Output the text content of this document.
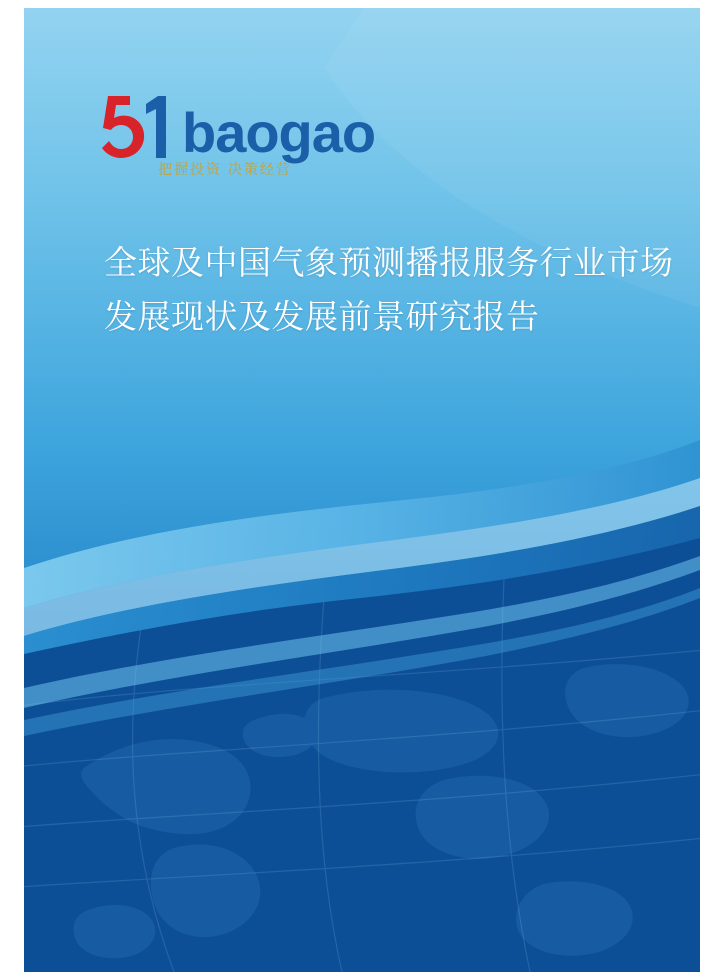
baogao
把握投资 决策经营
全球及中国气象预测播报服务行业市场发展现状及发展前景研究报告
